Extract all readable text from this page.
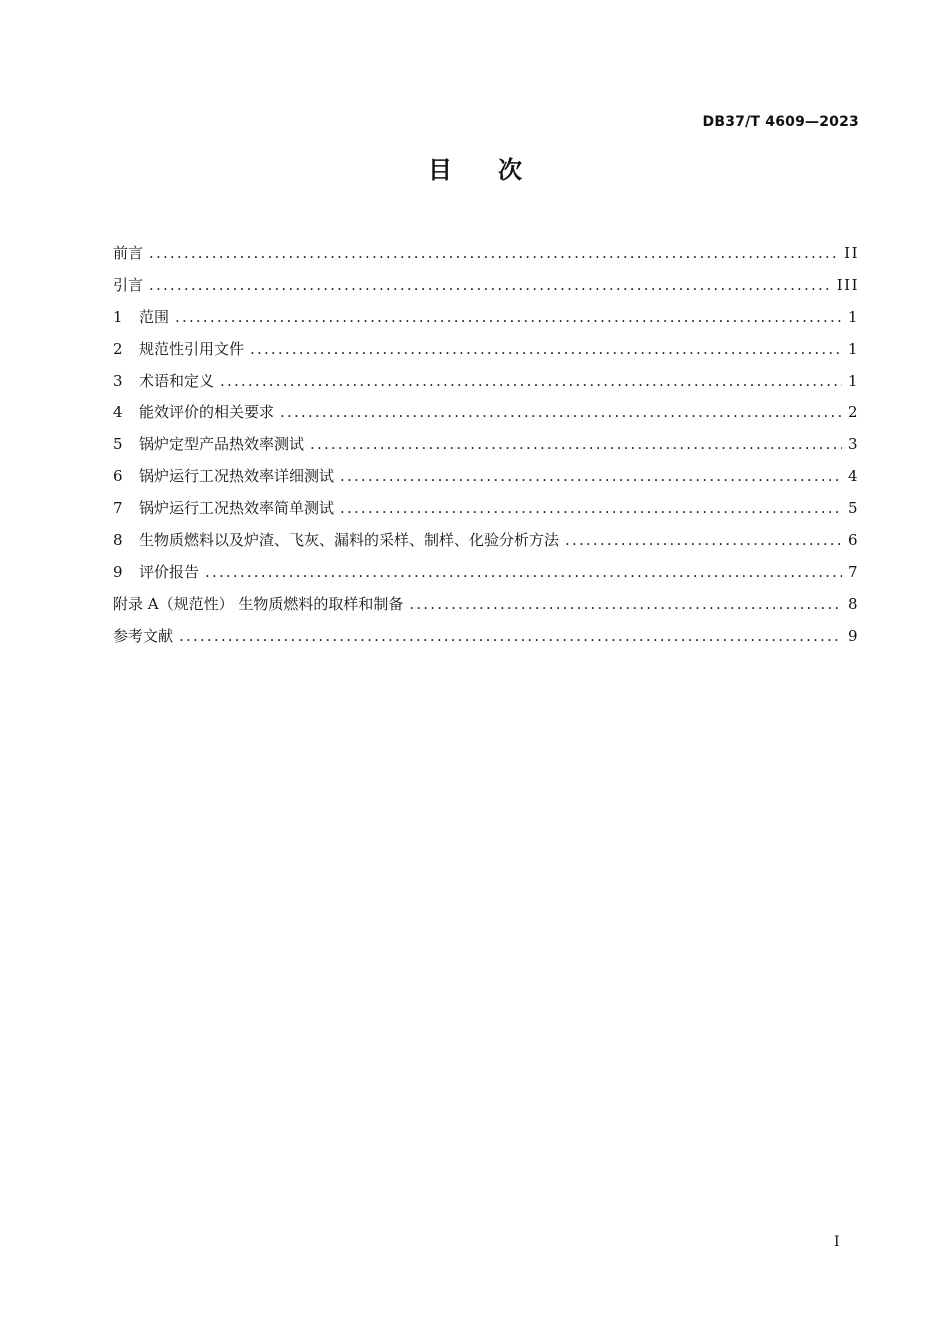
DB37/T 4609—2023
目次
前言 .....	II
引言 .....	III
1	范围 .....	1
2	规范性引用文件 .....	1
3	术语和定义 .....	1
4	能效评价的相关要求 .....	2
5	锅炉定型产品热效率测试 .....	3
6	锅炉运行工况热效率详细测试 .....	4
7	锅炉运行工况热效率简单测试 .....	5
8	生物质燃料以及炉渣、飞灰、漏料的采样、制样、化验分析方法 .....	6
9	评价报告 .....	7
附录 A（规范性） 生物质燃料的取样和制备 .....	8
参考文献 .....	9
I
